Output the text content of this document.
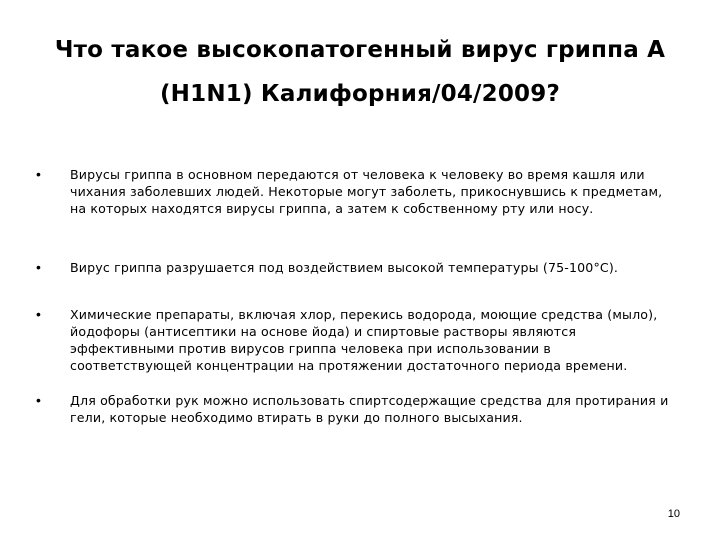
Что такое высокопатогенный вирус гриппа А
(H1N1) Калифорния/04/2009?
•	Вирусы гриппа в основном передаются от человека к человеку во время кашля или чихания заболевших людей. Некоторые могут заболеть, прикоснувшись к предметам, на которых находятся вирусы гриппа, а затем к собственному рту или носу.
•	Вирус гриппа разрушается под воздействием высокой температуры (75-100°С).
•	Химические препараты, включая хлор, перекись водорода, моющие средства (мыло), йодофоры (антисептики на основе йода) и спиртовые растворы являются эффективными против вирусов гриппа человека при использовании в соответствующей концентрации на протяжении достаточного периода времени.
•	Для обработки рук можно использовать спиртсодержащие средства для протирания и гели, которые необходимо втирать в руки до полного высыхания.
10
